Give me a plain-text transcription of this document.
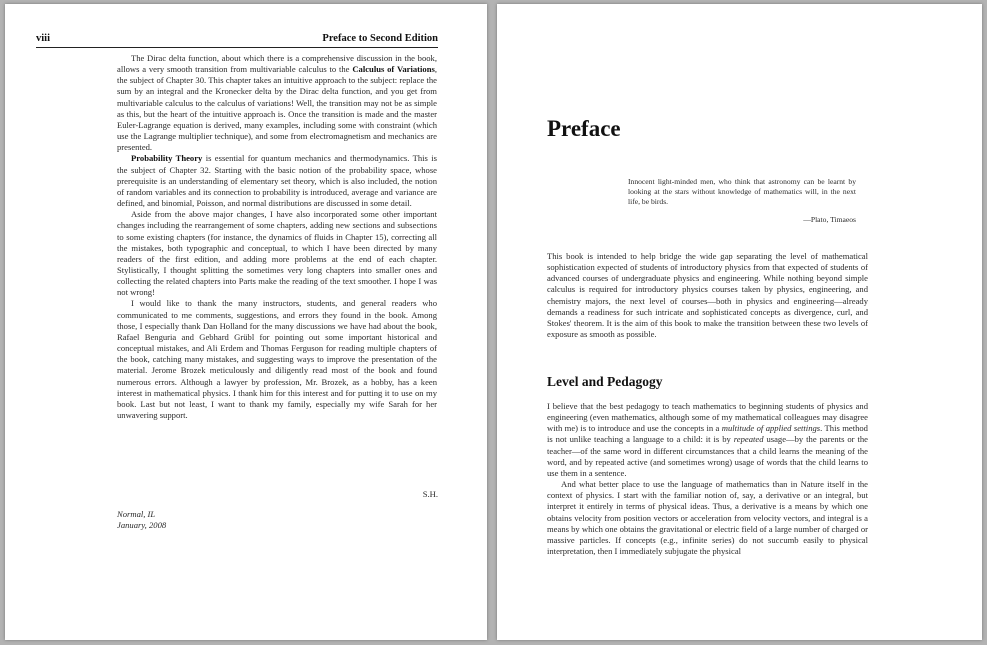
viii	Preface to Second Edition

The Dirac delta function, about which there is a comprehensive discussion in the book, allows a very smooth transition from multivariable calculus to the Calculus of Variations, the subject of Chapter 30. This chapter takes an intuitive approach to the subject: replace the sum by an integral and the Kronecker delta by the Dirac delta function, and you get from multivariable calculus to the calculus of variations! Well, the transition may not be as simple as this, but the heart of the intuitive approach is. Once the transition is made and the master Euler-Lagrange equation is derived, many examples, including some with constraint (which use the Lagrange multiplier technique), and some from electromagnetism and mechanics are presented.

Probability Theory is essential for quantum mechanics and thermodynamics. This is the subject of Chapter 32. Starting with the basic notion of the probability space, whose prerequisite is an understanding of elementary set theory, which is also included, the notion of random variables and its connection to probability is introduced, average and variance are defined, and binomial, Poisson, and normal distributions are discussed in some detail.

Aside from the above major changes, I have also incorporated some other important changes including the rearrangement of some chapters, adding new sections and subsections to some existing chapters (for instance, the dynamics of fluids in Chapter 15), correcting all the mistakes, both typographic and conceptual, to which I have been directed by many readers of the first edition, and adding more problems at the end of each chapter. Stylistically, I thought splitting the sometimes very long chapters into smaller ones and collecting the related chapters into Parts make the reading of the text smoother. I hope I was not wrong!

I would like to thank the many instructors, students, and general readers who communicated to me comments, suggestions, and errors they found in the book. Among those, I especially thank Dan Holland for the many discussions we have had about the book, Rafael Benguria and Gebhard Grübl for pointing out some important historical and conceptual mistakes, and Ali Erdem and Thomas Ferguson for reading multiple chapters of the book, catching many mistakes, and suggesting ways to improve the presentation of the material. Jerome Brozek meticulously and diligently read most of the book and found numerous errors. Although a lawyer by profession, Mr. Brozek, as a hobby, has a keen interest in mathematical physics. I thank him for this interest and for putting it to use on my book. Last but not least, I want to thank my family, especially my wife Sarah for her unwavering support.

S.H.
Normal, IL
January, 2008
Preface
Innocent light-minded men, who think that astronomy can be learnt by looking at the stars without knowledge of mathematics will, in the next life, be birds.
—Plato, Timaeos

This book is intended to help bridge the wide gap separating the level of mathematical sophistication expected of students of introductory physics from that expected of students of advanced courses of undergraduate physics and engineering. While nothing beyond simple calculus is required for introductory physics courses taken by physics, engineering, and chemistry majors, the next level of courses—both in physics and engineering—already demands a readiness for such intricate and sophisticated concepts as divergence, curl, and Stokes' theorem. It is the aim of this book to make the transition between these two levels of exposure as smooth as possible.

Level and Pedagogy

I believe that the best pedagogy to teach mathematics to beginning students of physics and engineering (even mathematics, although some of my mathematical colleagues may disagree with me) is to introduce and use the concepts in a multitude of applied settings. This method is not unlike teaching a language to a child: it is by repeated usage—by the parents or the teacher—of the same word in different circumstances that a child learns the meaning of the word, and by repeated active (and sometimes wrong) usage of words that the child learns to use them in a sentence.

And what better place to use the language of mathematics than in Nature itself in the context of physics. I start with the familiar notion of, say, a derivative or an integral, but interpret it entirely in terms of physical ideas. Thus, a derivative is a means by which one obtains velocity from position vectors or acceleration from velocity vectors, and integral is a means by which one obtains the gravitational or electric field of a large number of charged or massive particles. If concepts (e.g., infinite series) do not succumb easily to physical interpretation, then I immediately subjugate the physical
